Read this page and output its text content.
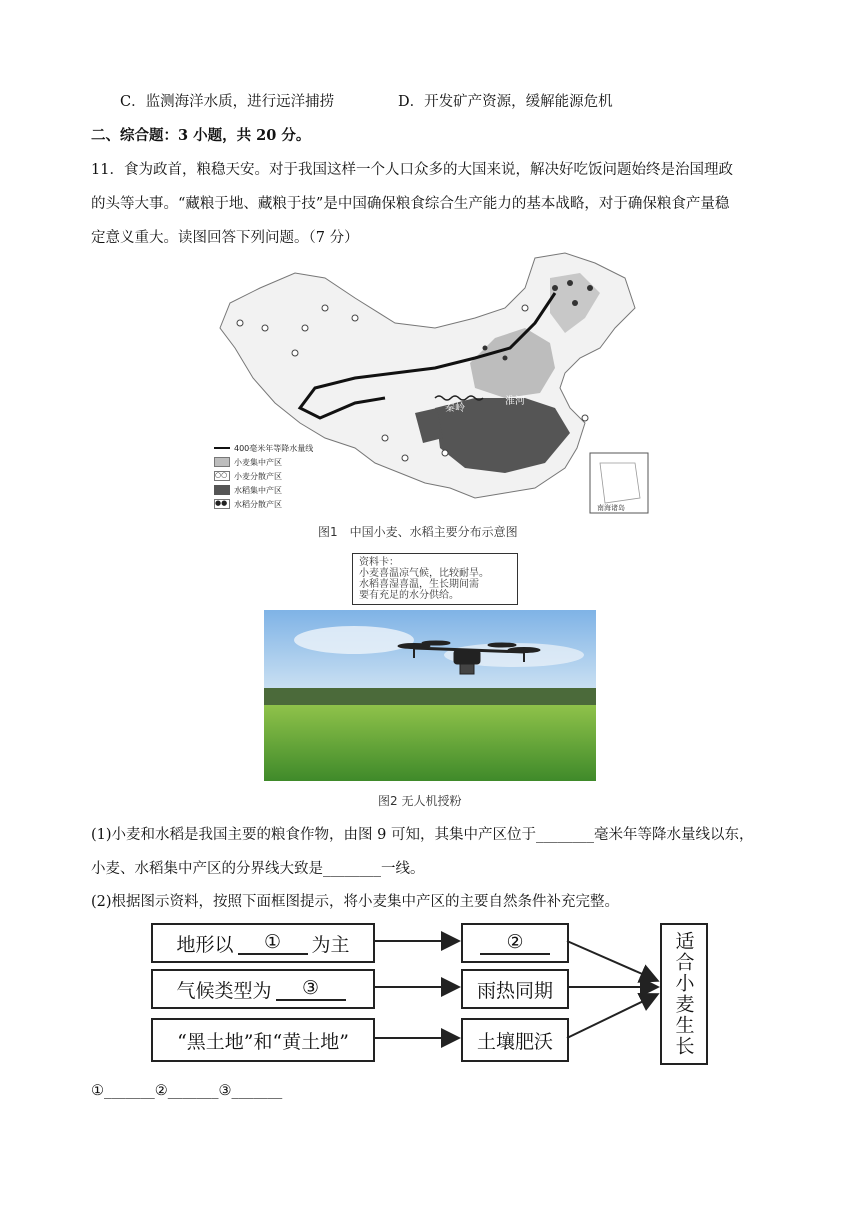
C．监测海洋水质，进行远洋捕捞	D．开发矿产资源，缓解能源危机
二、综合题：3 小题，共 20 分。
11．食为政首，粮稳天安。对于我国这样一个人口众多的大国来说，解决好吃饭问题始终是治国理政
的头等大事。“藏粮于地、藏粮于技”是中国确保粮食综合生产能力的基本战略，对于确保粮食产量稳
定意义重大。读图回答下列问题。（7 分）
秦岭
淮河
南海诸岛
400毫米年等降水量线
小麦集中产区
○○ 小麦分散产区
水稻集中产区
●● 水稻分散产区
图1　中国小麦、水稻主要分布示意图
资料卡：
小麦喜温凉气候，比较耐旱。
水稻喜湿喜温，生长期间需
要有充足的水分供给。
图2 无人机授粉
(1)小麦和水稻是我国主要的粮食作物，由图 9 可知，其集中产区位于________毫米年等降水量线以东，
小麦、水稻集中产区的分界线大致是________一线。
(2)根据图示资料，按照下面框图提示，将小麦集中产区的主要自然条件补充完整。
地形以	①	为主	②
气候类型为	③	雨热同期
“黑土地”和“黄土地”	土壤肥沃	适合小麦生长
①_______②_______③_______
